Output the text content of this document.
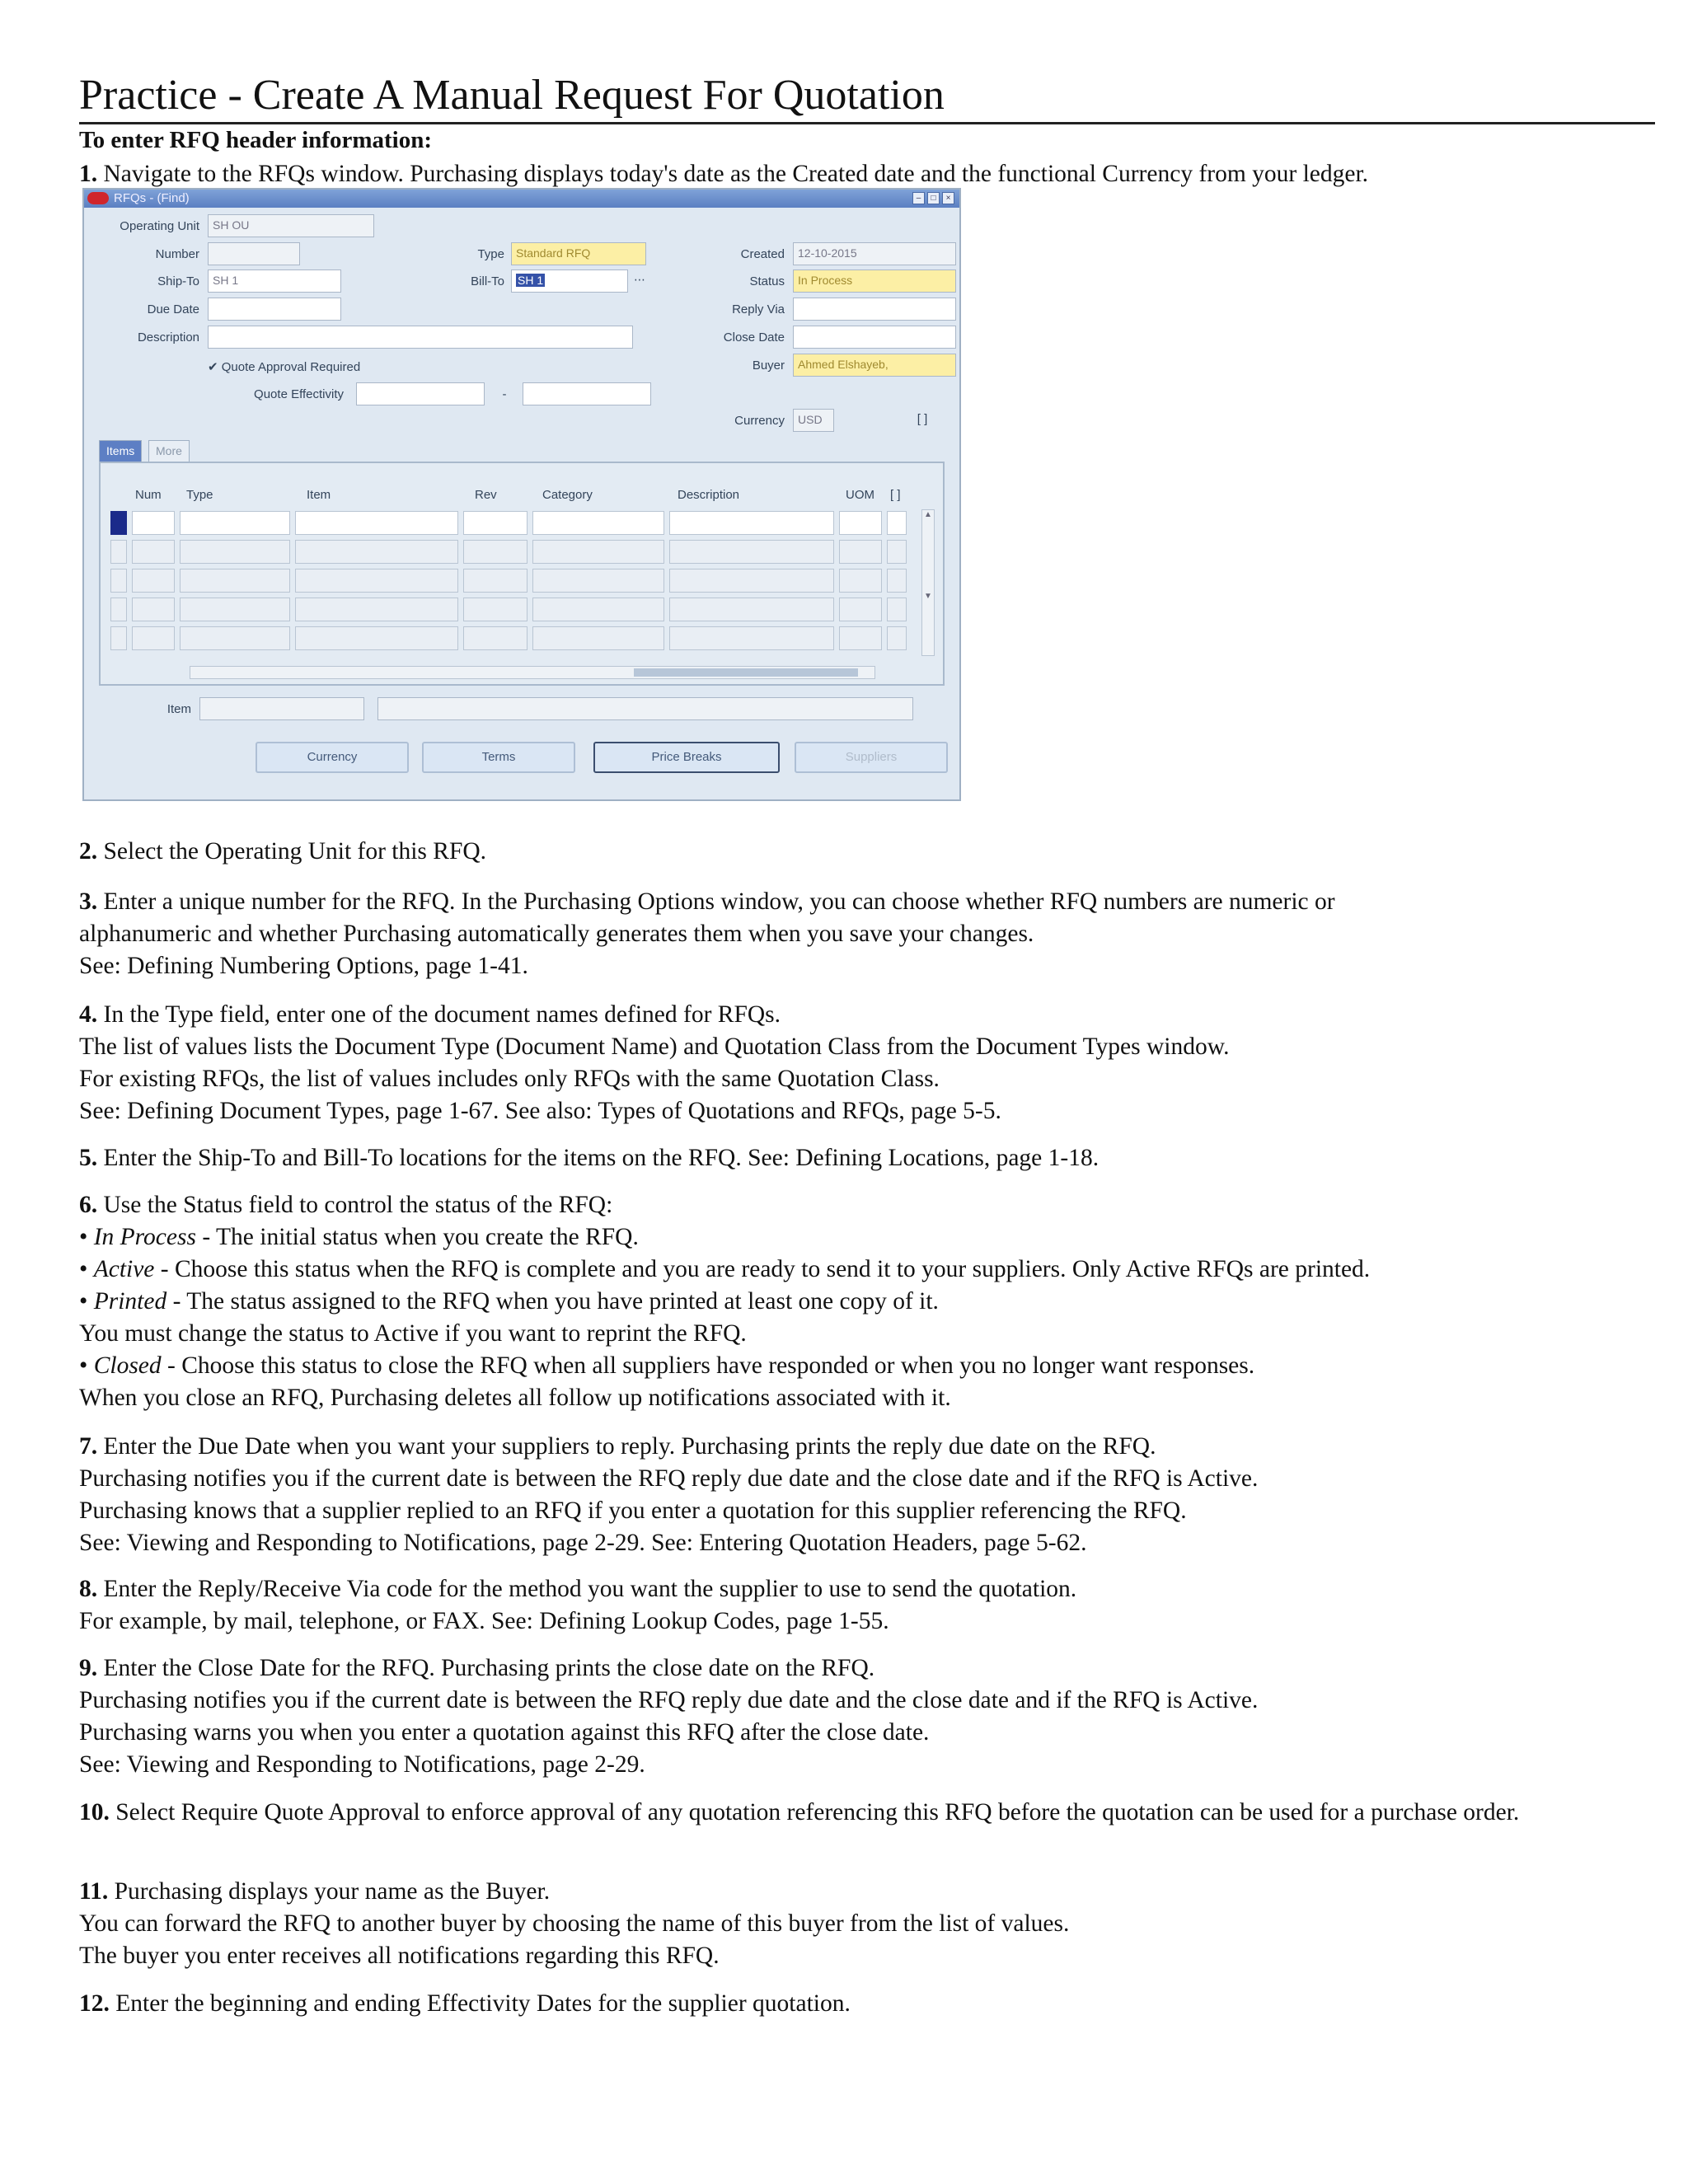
Practice - Create A Manual Request For Quotation
To enter RFQ header information:
1. Navigate to the RFQs window. Purchasing displays today's date as the Created date and the functional Currency from your ledger.
RFQs - (Find)	–	□	×
Operating Unit	SH OU
Number
Ship-To	SH 1
Due Date
Description
✔ Quote Approval Required
Quote Effectivity	-
Type	Standard RFQ
Bill-To	SH 1	⋯
Created	12-10-2015
Status	In Process
Reply Via
Close Date
Buyer	Ahmed Elshayeb,
Currency	USD	[ ]
Items	More
Num Type	Item	Rev	Category	Description	UOM [ ]
▲

▼
Item
Currency	Terms	Price Breaks	Suppliers
2. Select the Operating Unit for this RFQ.
3. Enter a unique number for the RFQ. In the Purchasing Options window, you can choose whether RFQ numbers are numeric or
alphanumeric and whether Purchasing automatically generates them when you save your changes.
See: Defining Numbering Options, page 1-41.
4. In the Type field, enter one of the document names defined for RFQs.
The list of values lists the Document Type (Document Name) and Quotation Class from the Document Types window.
For existing RFQs, the list of values includes only RFQs with the same Quotation Class.
See: Defining Document Types, page 1-67. See also: Types of Quotations and RFQs, page 5-5.
5. Enter the Ship-To and Bill-To locations for the items on the RFQ. See: Defining Locations, page 1-18.
6. Use the Status field to control the status of the RFQ:
• In Process - The initial status when you create the RFQ.
• Active - Choose this status when the RFQ is complete and you are ready to send it to your suppliers. Only Active RFQs are printed.
• Printed - The status assigned to the RFQ when you have printed at least one copy of it.
You must change the status to Active if you want to reprint the RFQ.
• Closed - Choose this status to close the RFQ when all suppliers have responded or when you no longer want responses.
When you close an RFQ, Purchasing deletes all follow up notifications associated with it.
7. Enter the Due Date when you want your suppliers to reply. Purchasing prints the reply due date on the RFQ.
Purchasing notifies you if the current date is between the RFQ reply due date and the close date and if the RFQ is Active.
Purchasing knows that a supplier replied to an RFQ if you enter a quotation for this supplier referencing the RFQ.
See: Viewing and Responding to Notifications, page 2-29. See: Entering Quotation Headers, page 5-62.
8. Enter the Reply/Receive Via code for the method you want the supplier to use to send the quotation.
For example, by mail, telephone, or FAX. See: Defining Lookup Codes, page 1-55.
9. Enter the Close Date for the RFQ. Purchasing prints the close date on the RFQ.
Purchasing notifies you if the current date is between the RFQ reply due date and the close date and if the RFQ is Active.
Purchasing warns you when you enter a quotation against this RFQ after the close date.
See: Viewing and Responding to Notifications, page 2-29.
10. Select Require Quote Approval to enforce approval of any quotation referencing this RFQ before the quotation can be used for a purchase order.
11. Purchasing displays your name as the Buyer.
You can forward the RFQ to another buyer by choosing the name of this buyer from the list of values.
The buyer you enter receives all notifications regarding this RFQ.
12. Enter the beginning and ending Effectivity Dates for the supplier quotation.
